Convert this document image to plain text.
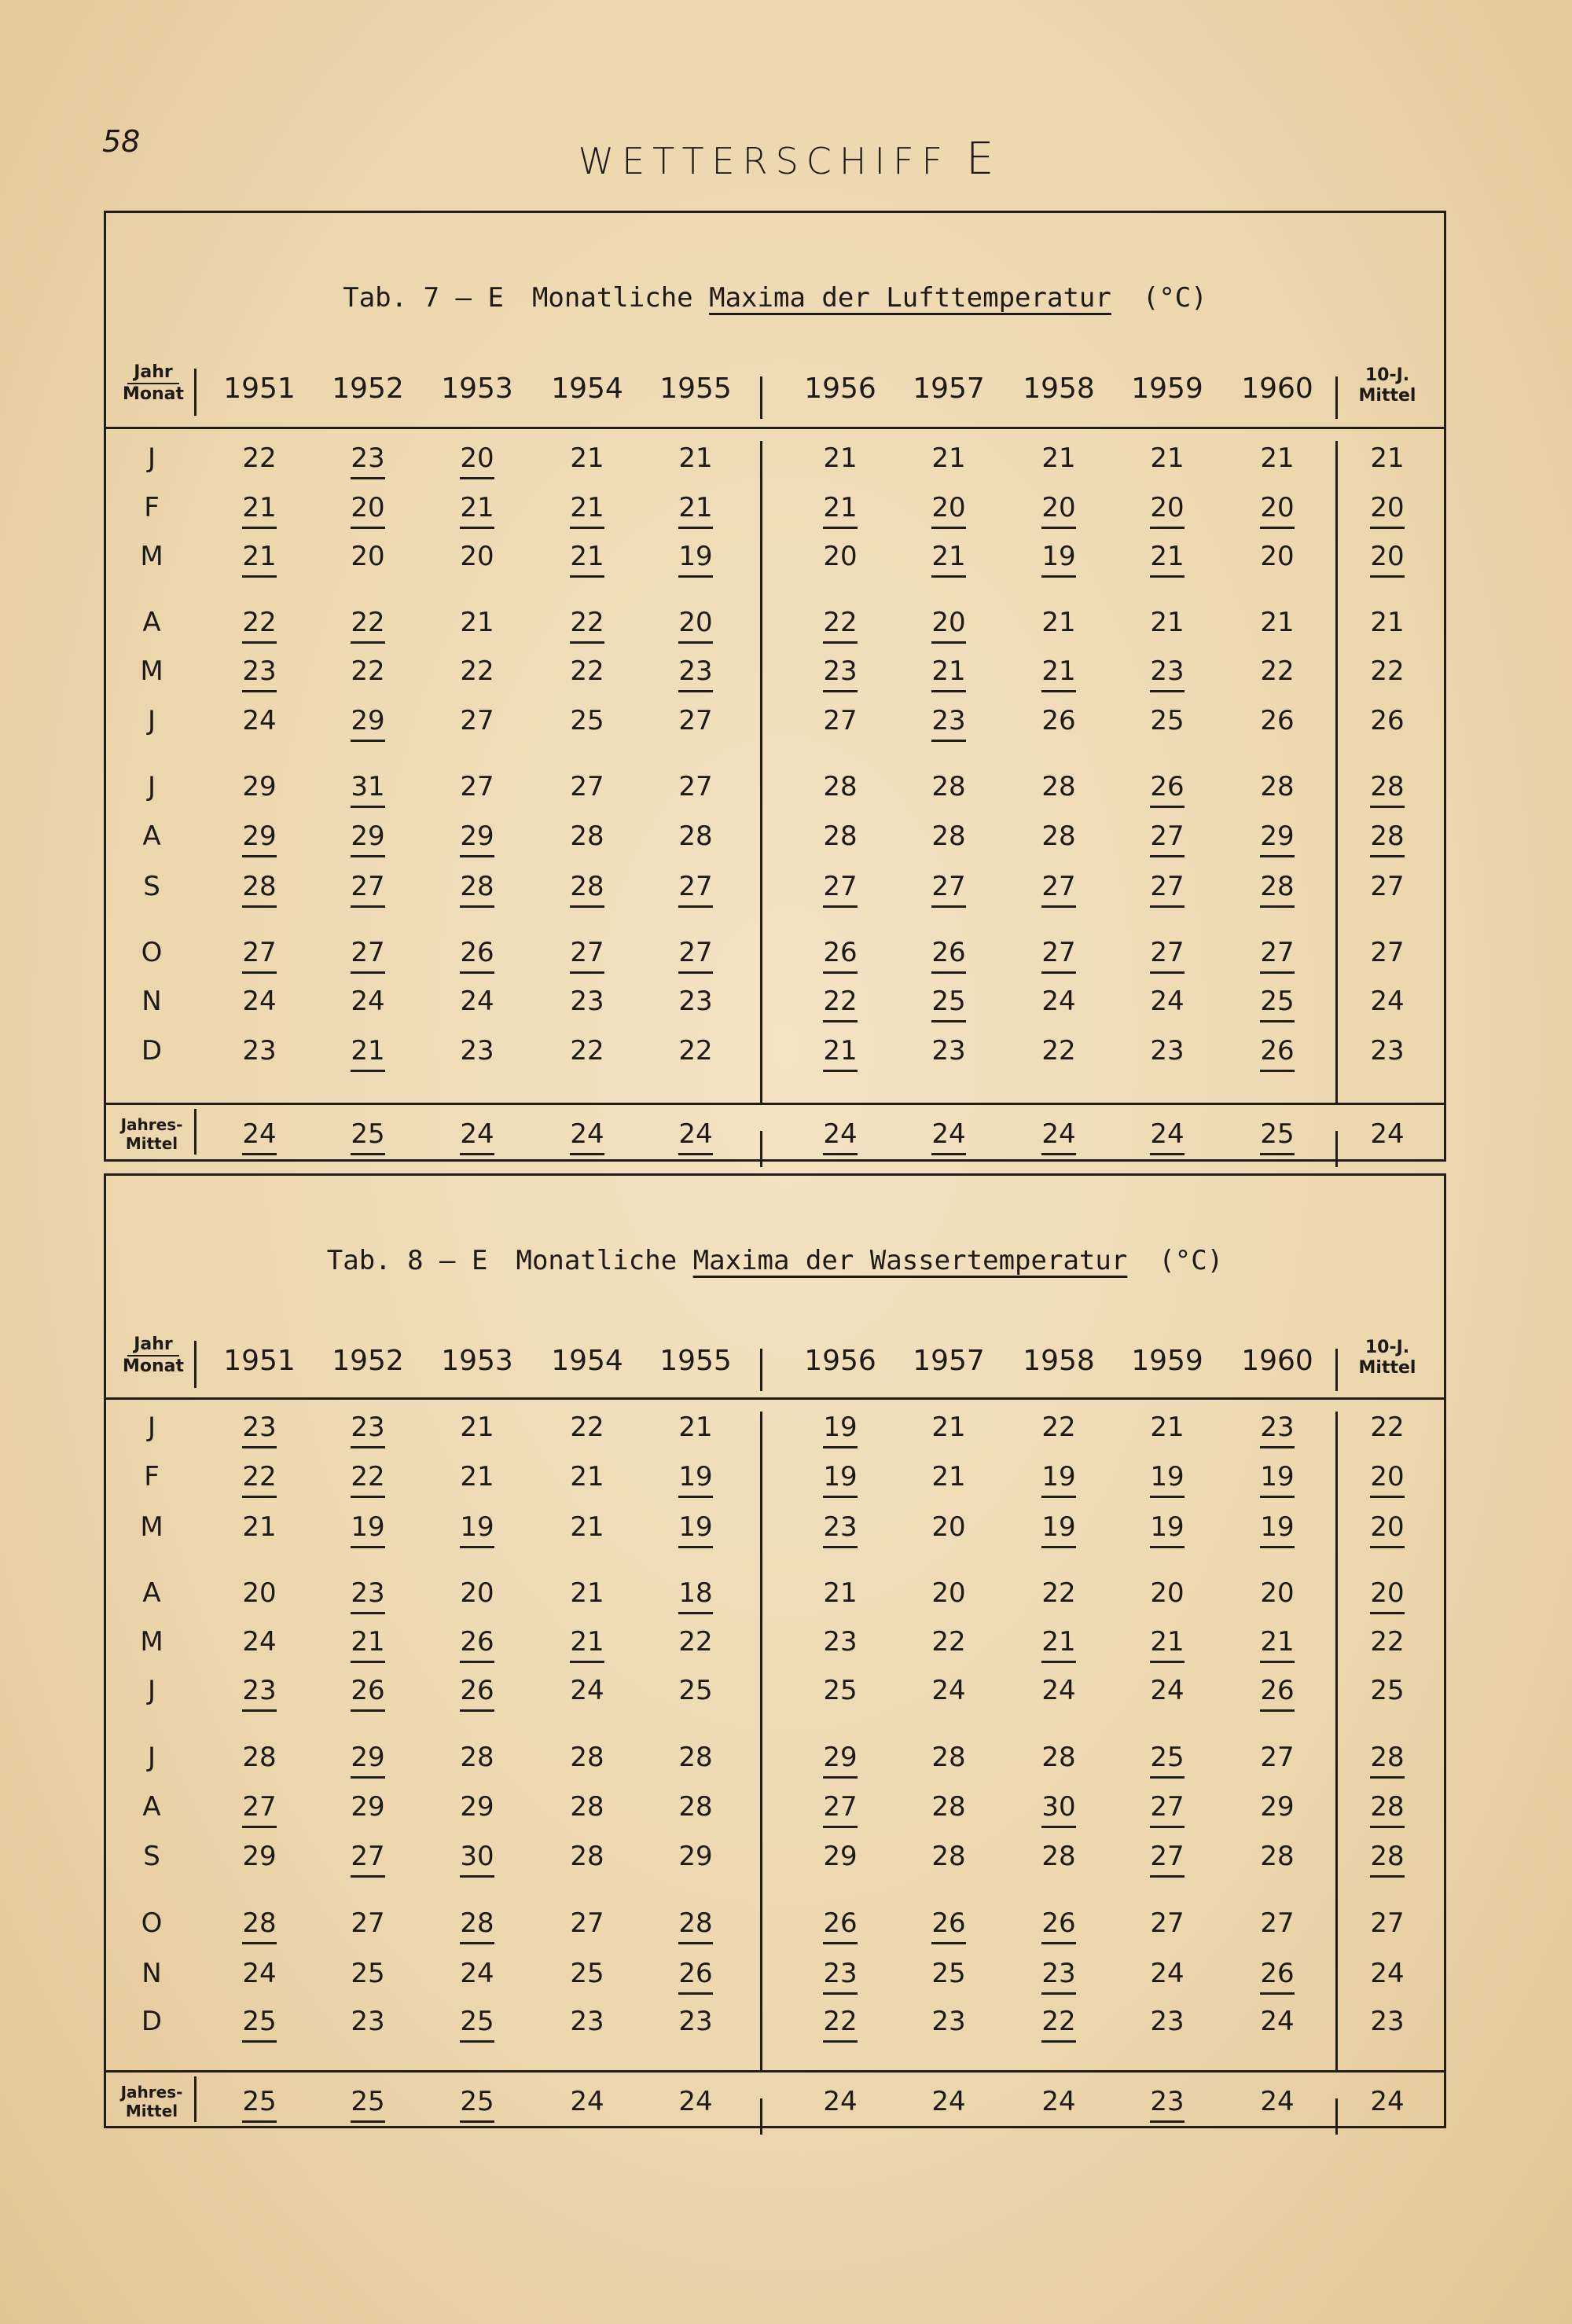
58	WETTERSCHIFF E
Tab. 7 – E Monatliche Maxima der Lufttemperatur (°C)
Jahr
Monat	1951	1952	1953	1954	1955	1956	1957	1958	1959	1960	10-J.
Mittel
J	22	23	20	21	21	21	21	21	21	21	21
F	21	20	21	21	21	21	20	20	20	20	20
M	21	20	20	21	19	20	21	19	21	20	20
A	22	22	21	22	20	22	20	21	21	21	21
M	23	22	22	22	23	23	21	21	23	22	22
J	24	29	27	25	27	27	23	26	25	26	26
J	29	31	27	27	27	28	28	28	26	28	28
A	29	29	29	28	28	28	28	28	27	29	28
S	28	27	28	28	27	27	27	27	27	28	27
O	27	27	26	27	27	26	26	27	27	27	27
N	24	24	24	23	23	22	25	24	24	25	24
D	23	21	23	22	22	21	23	22	23	26	23
Jahres-
Mittel	24	25	24	24	24	24	24	24	24	25	24
Tab. 8 – E Monatliche Maxima der Wassertemperatur (°C)
Jahr
Monat	1951	1952	1953	1954	1955	1956	1957	1958	1959	1960	10-J.
Mittel
J	23	23	21	22	21	19	21	22	21	23	22
F	22	22	21	21	19	19	21	19	19	19	20
M	21	19	19	21	19	23	20	19	19	19	20
A	20	23	20	21	18	21	20	22	20	20	20
M	24	21	26	21	22	23	22	21	21	21	22
J	23	26	26	24	25	25	24	24	24	26	25
J	28	29	28	28	28	29	28	28	25	27	28
A	27	29	29	28	28	27	28	30	27	29	28
S	29	27	30	28	29	29	28	28	27	28	28
O	28	27	28	27	28	26	26	26	27	27	27
N	24	25	24	25	26	23	25	23	24	26	24
D	25	23	25	23	23	22	23	22	23	24	23
Jahres-
Mittel	25	25	25	24	24	24	24	24	23	24	24
